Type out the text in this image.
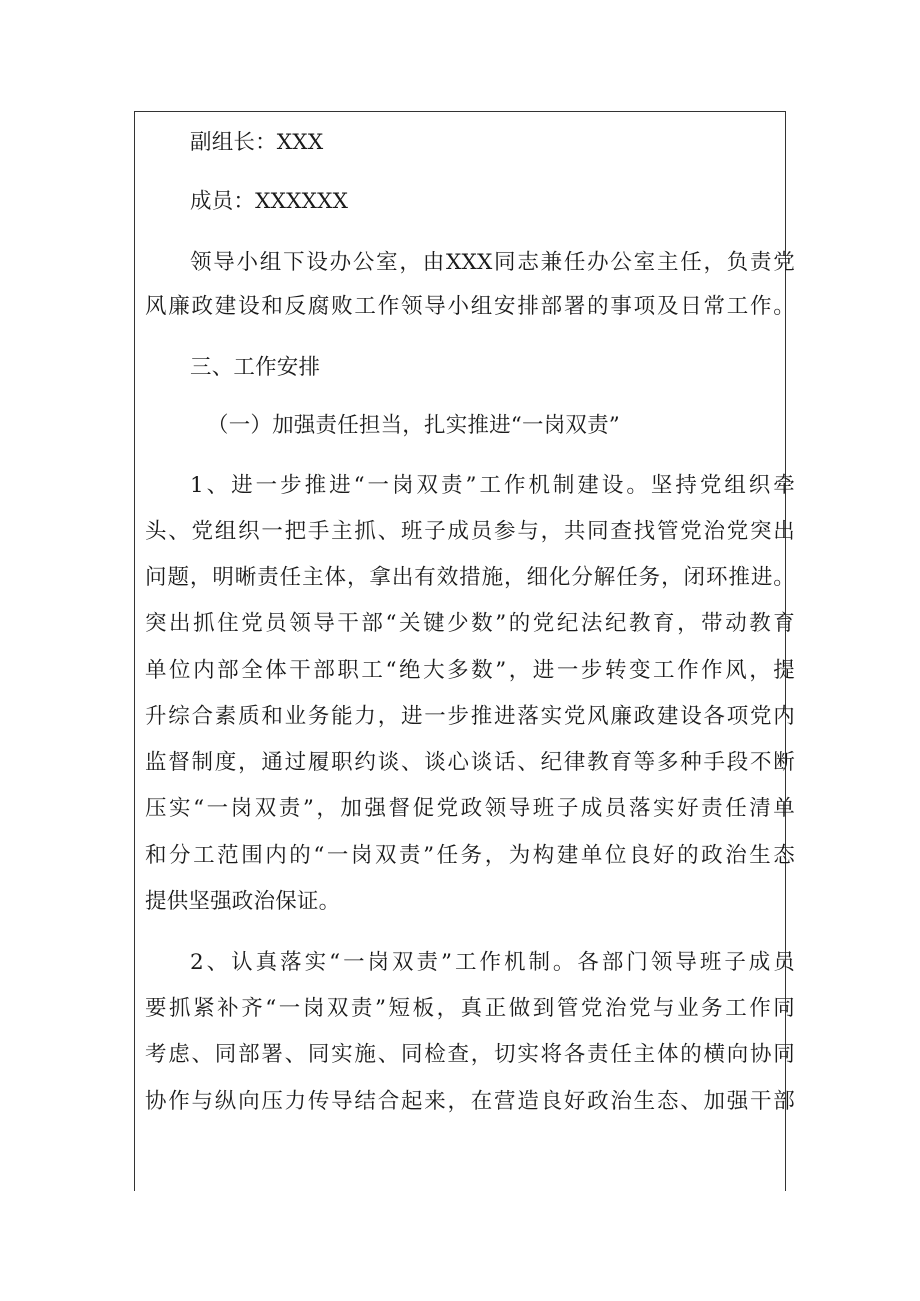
副组长：XXX
成员：XXXXXX
领导小组下设办公室，由XXX同志兼任办公室主任，负责党
风廉政建设和反腐败工作领导小组安排部署的事项及日常工作。
三、工作安排
（一）加强责任担当，扎实推进“一岗双责”
1、进一步推进“一岗双责”工作机制建设。坚持党组织牵
头、党组织一把手主抓、班子成员参与，共同查找管党治党突出
问题，明晰责任主体，拿出有效措施，细化分解任务，闭环推进。
突出抓住党员领导干部“关键少数”的党纪法纪教育，带动教育
单位内部全体干部职工“绝大多数”，进一步转变工作作风，提
升综合素质和业务能力，进一步推进落实党风廉政建设各项党内
监督制度，通过履职约谈、谈心谈话、纪律教育等多种手段不断
压实“一岗双责”，加强督促党政领导班子成员落实好责任清单
和分工范围内的“一岗双责”任务，为构建单位良好的政治生态
提供坚强政治保证。
2、认真落实“一岗双责”工作机制。各部门领导班子成员
要抓紧补齐“一岗双责”短板，真正做到管党治党与业务工作同
考虑、同部署、同实施、同检查，切实将各责任主体的横向协同
协作与纵向压力传导结合起来，在营造良好政治生态、加强干部
